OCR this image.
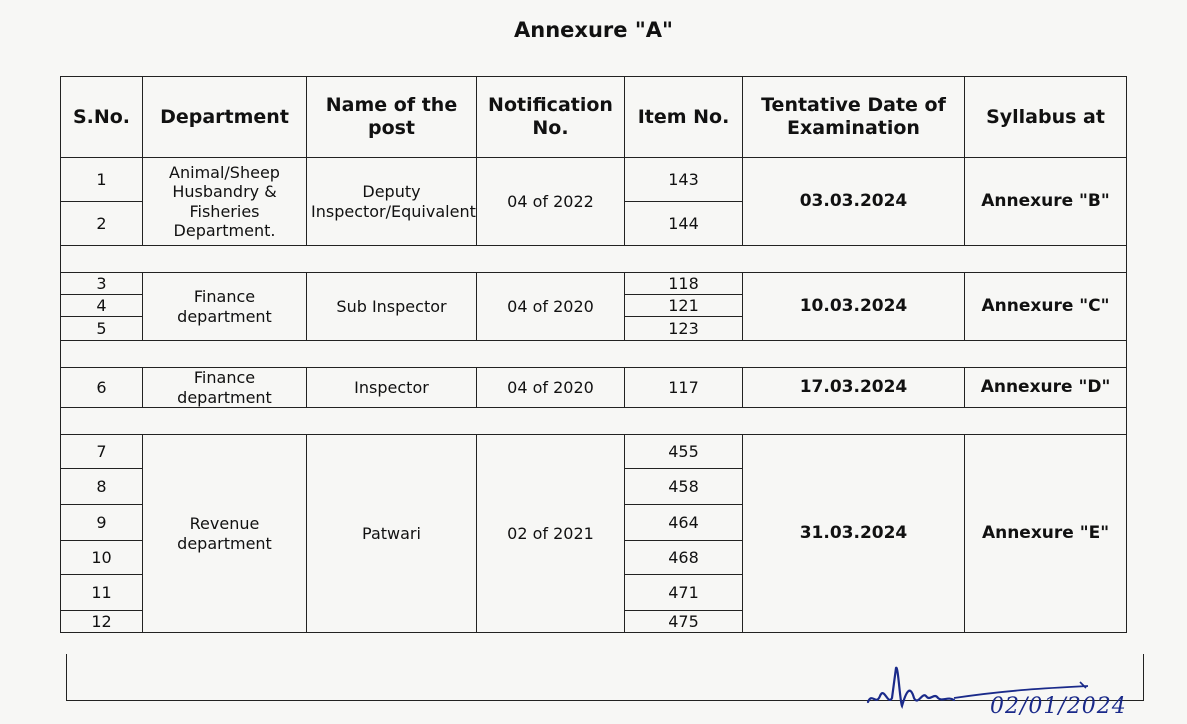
Annexure "A"
S.No.	Department	Name of the post	Notification No.	Item No.	Tentative Date of Examination	Syllabus at
1	Animal/Sheep Husbandry & Fisheries Department.	Deputy Inspector/Equivalent	04 of 2022	143	03.03.2024	Annexure "B"
2				144		

3	Finance department	Sub Inspector	04 of 2020	118	10.03.2024	Annexure "C"
4				121		
5				123		

6	Finance department	Inspector	04 of 2020	117	17.03.2024	Annexure "D"

7	Revenue department	Patwari	02 of 2021	455	31.03.2024	Annexure "E"
8				458		
9				464		
10				468		
11				471		
12				475		
02/01/2024
